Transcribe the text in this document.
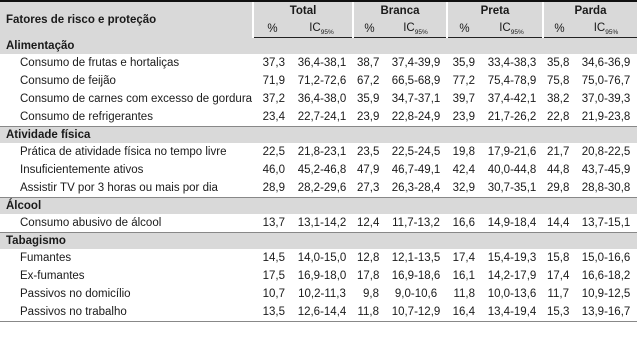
Fatores de risco e proteção	Total		Branca		Preta		Parda	
	%	$IC_{95\%}$	%	$IC_{95\%}$	%	$IC_{95\%}$	%	$IC_{95\%}$
Alimentação								
Consumo de frutas e hortaliças	37,3	36,4-38,1	38,7	37,4-39,9	35,9	33,4-38,3	35,8	34,6-36,9
Consumo de feijão	71,9	71,2-72,6	67,2	66,5-68,9	77,2	75,4-78,9	75,8	75,0-76,7
Consumo de carnes com excesso de gordura	37,2	36,4-38,0	35,9	34,7-37,1	39,7	37,4-42,1	38,2	37,0-39,3
Consumo de refrigerantes	23,4	22,7-24,1	23,9	22,8-24,9	23,9	21,7-26,2	22,8	21,9-23,8
Atividade física								
Prática de atividade física no tempo livre	22,5	21,8-23,1	23,5	22,5-24,5	19,8	17,9-21,6	21,7	20,8-22,5
Insuficientemente ativos	46,0	45,2-46,8	47,9	46,7-49,1	42,4	40,0-44,8	44,8	43,7-45,9
Assistir TV por 3 horas ou mais por dia	28,9	28,2-29,6	27,3	26,3-28,4	32,9	30,7-35,1	29,8	28,8-30,8
Álcool								
Consumo abusivo de álcool	13,7	13,1-14,2	12,4	11,7-13,2	16,6	14,9-18,4	14,4	13,7-15,1
Tabagismo								
Fumantes	14,5	14,0-15,0	12,8	12,1-13,5	17,4	15,4-19,3	15,8	15,0-16,6
Ex-fumantes	17,5	16,9-18,0	17,8	16,9-18,6	16,1	14,2-17,9	17,4	16,6-18,2
Passivos no domicílio	10,7	10,2-11,3	9,8	9,0-10,6	11,8	10,0-13,6	11,7	10,9-12,5
Passivos no trabalho	13,5	12,6-14,4	11,8	10,7-12,9	16,4	13,4-19,4	15,3	13,9-16,7
